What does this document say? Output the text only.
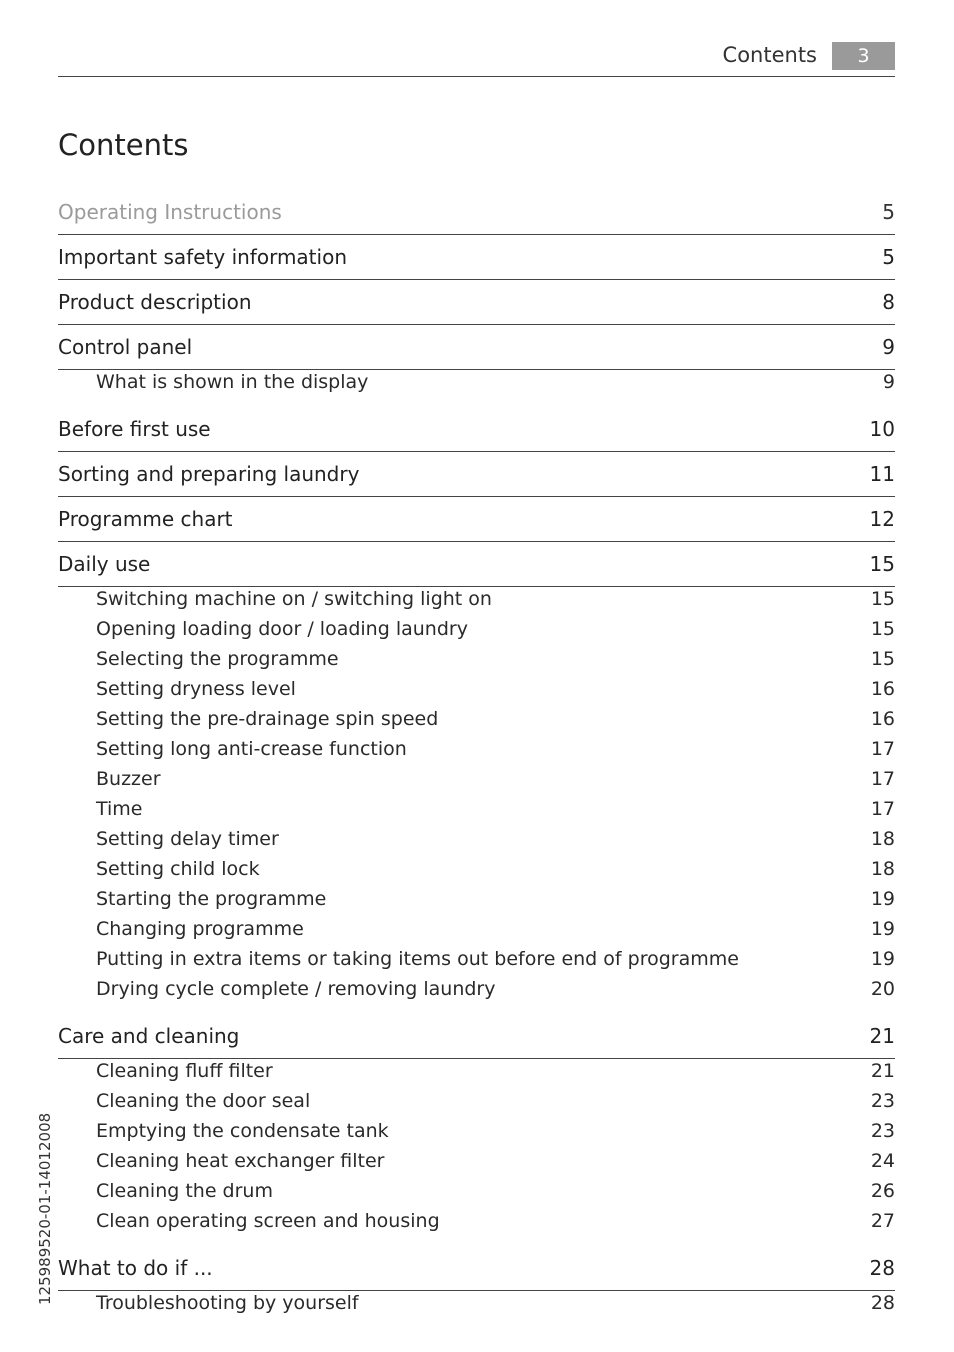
Contents	3
Contents
Operating Instructions	5
Important safety information	5
Product description	8
Control panel	9
What is shown in the display	9
Before first use	10
Sorting and preparing laundry	11
Programme chart	12
Daily use	15
Switching machine on / switching light on	15
Opening loading door / loading laundry	15
Selecting the programme	15
Setting dryness level	16
Setting the pre-drainage spin speed	16
Setting long anti-crease function	17
Buzzer	17
Time	17
Setting delay timer	18
Setting child lock	18
Starting the programme	19
Changing programme	19
Putting in extra items or taking items out before end of programme	19
Drying cycle complete / removing laundry	20
Care and cleaning	21
Cleaning fluff filter	21
Cleaning the door seal	23
Emptying the condensate tank	23
Cleaning heat exchanger filter	24
Cleaning the drum	26
Clean operating screen and housing	27
What to do if ...	28
Troubleshooting by yourself	28
125989520-01-14012008
